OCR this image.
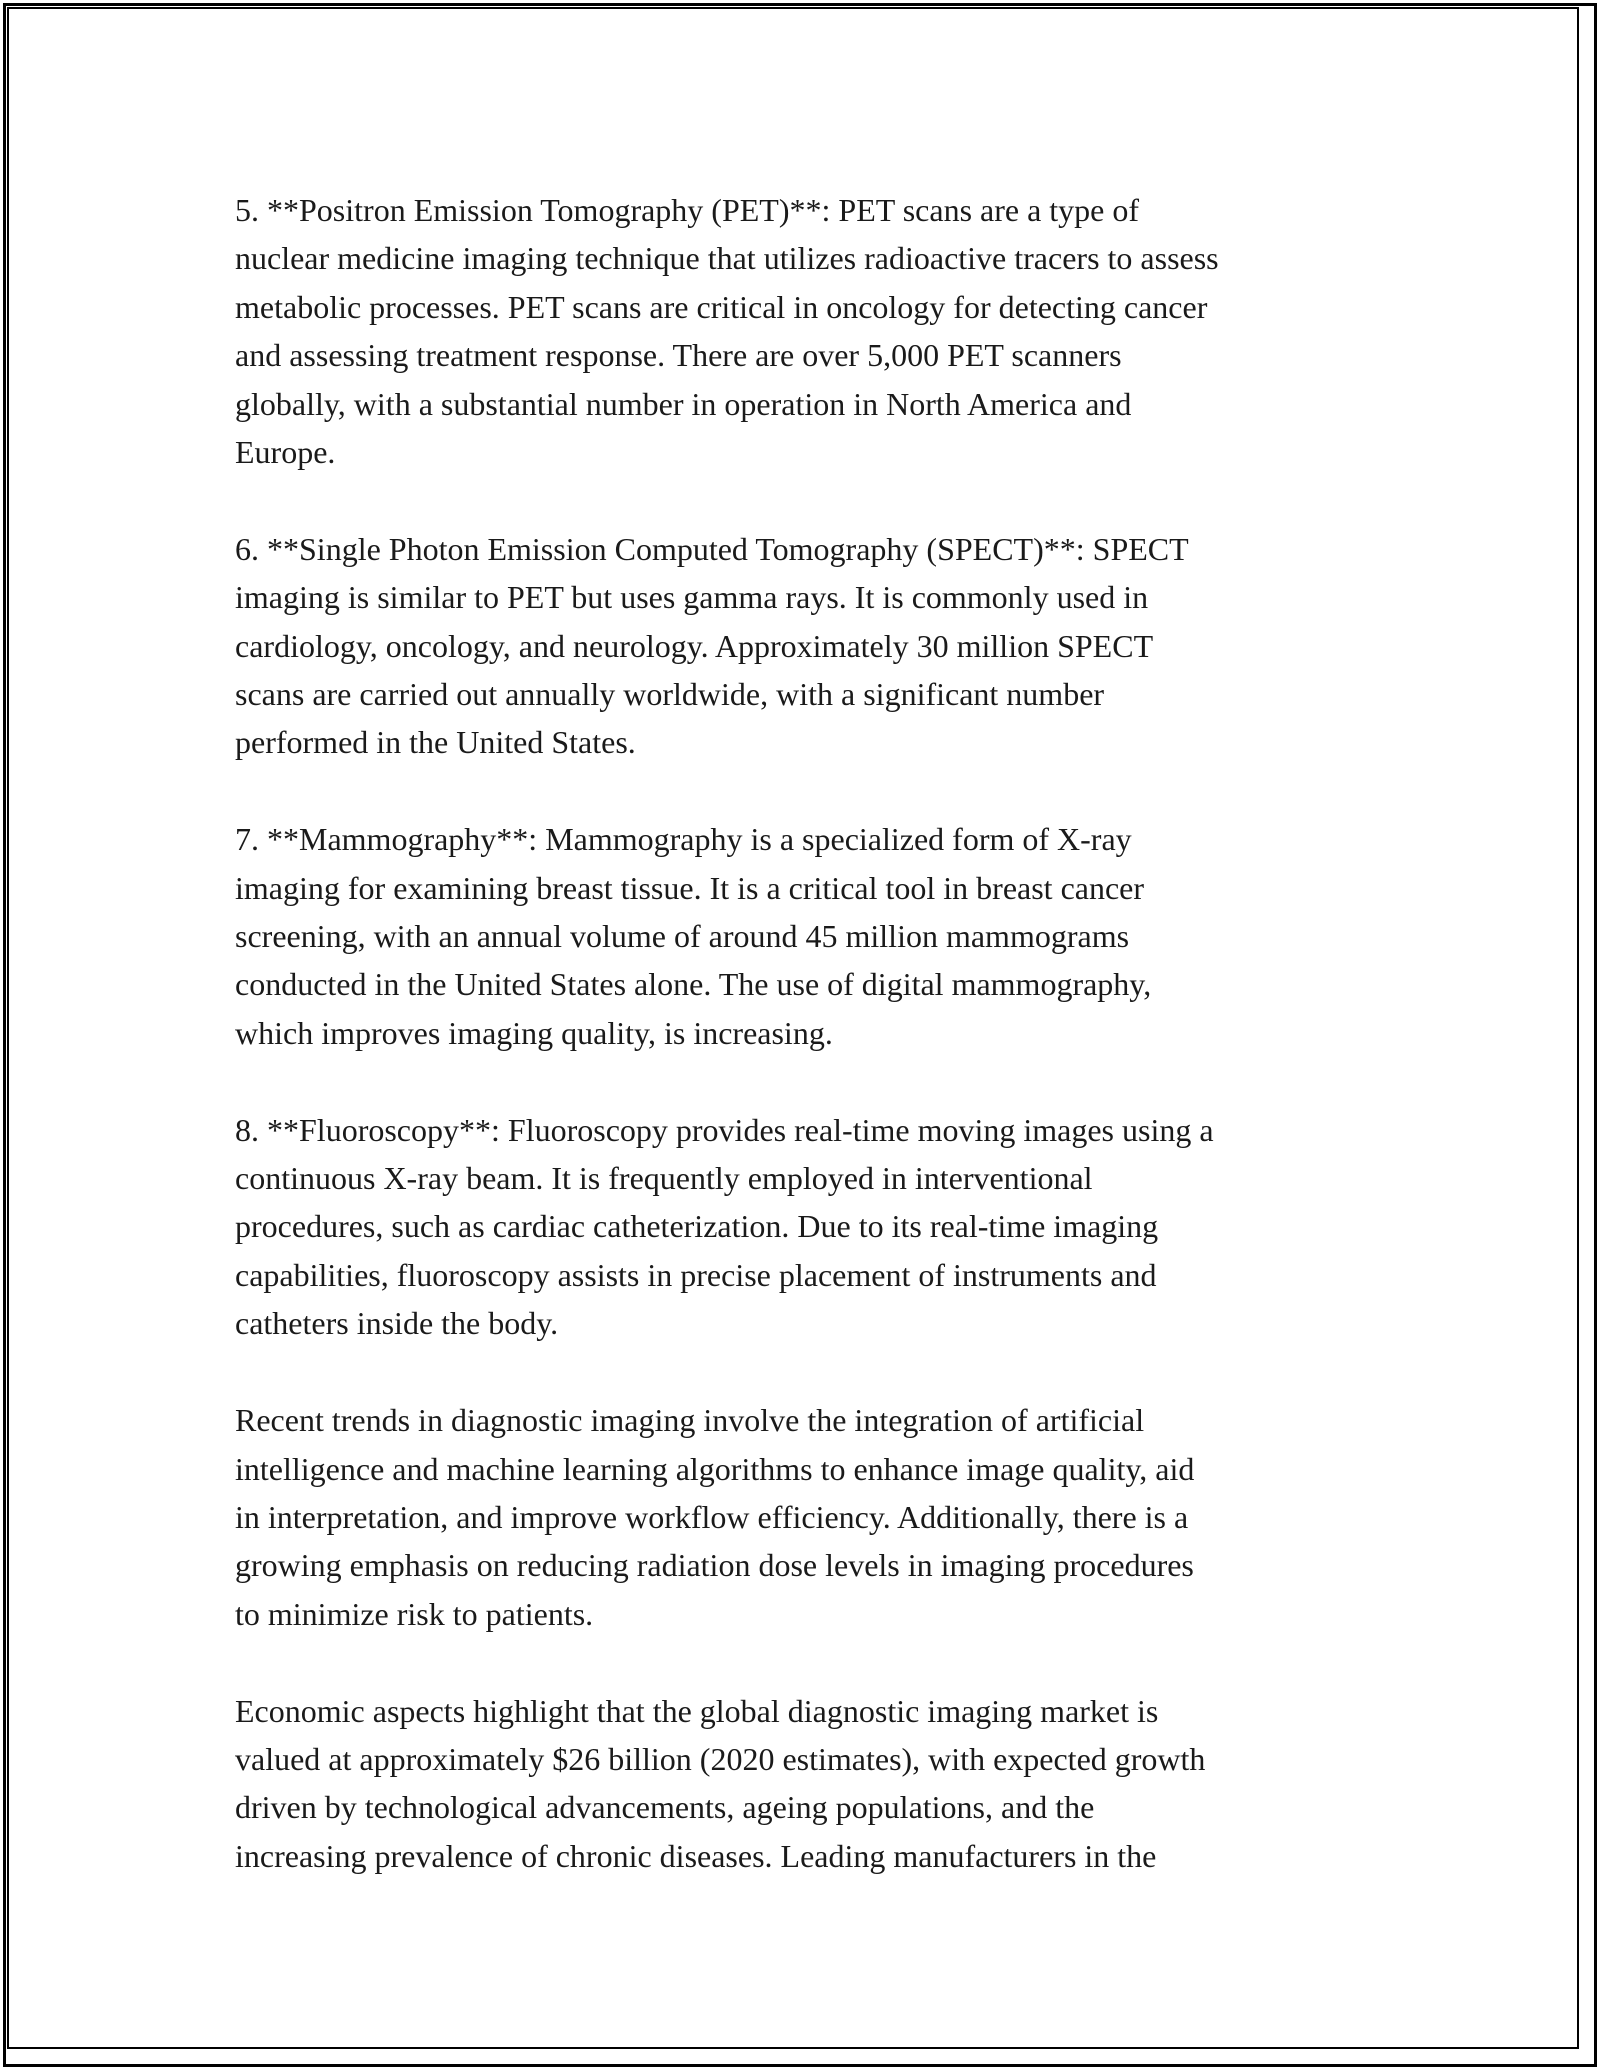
5. **Positron Emission Tomography (PET)**: PET scans are a type of
nuclear medicine imaging technique that utilizes radioactive tracers to assess
metabolic processes. PET scans are critical in oncology for detecting cancer
and assessing treatment response. There are over 5,000 PET scanners
globally, with a substantial number in operation in North America and
Europe.

6. **Single Photon Emission Computed Tomography (SPECT)**: SPECT
imaging is similar to PET but uses gamma rays. It is commonly used in
cardiology, oncology, and neurology. Approximately 30 million SPECT
scans are carried out annually worldwide, with a significant number
performed in the United States.

7. **Mammography**: Mammography is a specialized form of X-ray
imaging for examining breast tissue. It is a critical tool in breast cancer
screening, with an annual volume of around 45 million mammograms
conducted in the United States alone. The use of digital mammography,
which improves imaging quality, is increasing.

8. **Fluoroscopy**: Fluoroscopy provides real-time moving images using a
continuous X-ray beam. It is frequently employed in interventional
procedures, such as cardiac catheterization. Due to its real-time imaging
capabilities, fluoroscopy assists in precise placement of instruments and
catheters inside the body.

Recent trends in diagnostic imaging involve the integration of artificial
intelligence and machine learning algorithms to enhance image quality, aid
in interpretation, and improve workflow efficiency. Additionally, there is a
growing emphasis on reducing radiation dose levels in imaging procedures
to minimize risk to patients.

Economic aspects highlight that the global diagnostic imaging market is
valued at approximately $26 billion (2020 estimates), with expected growth
driven by technological advancements, ageing populations, and the
increasing prevalence of chronic diseases. Leading manufacturers in the
